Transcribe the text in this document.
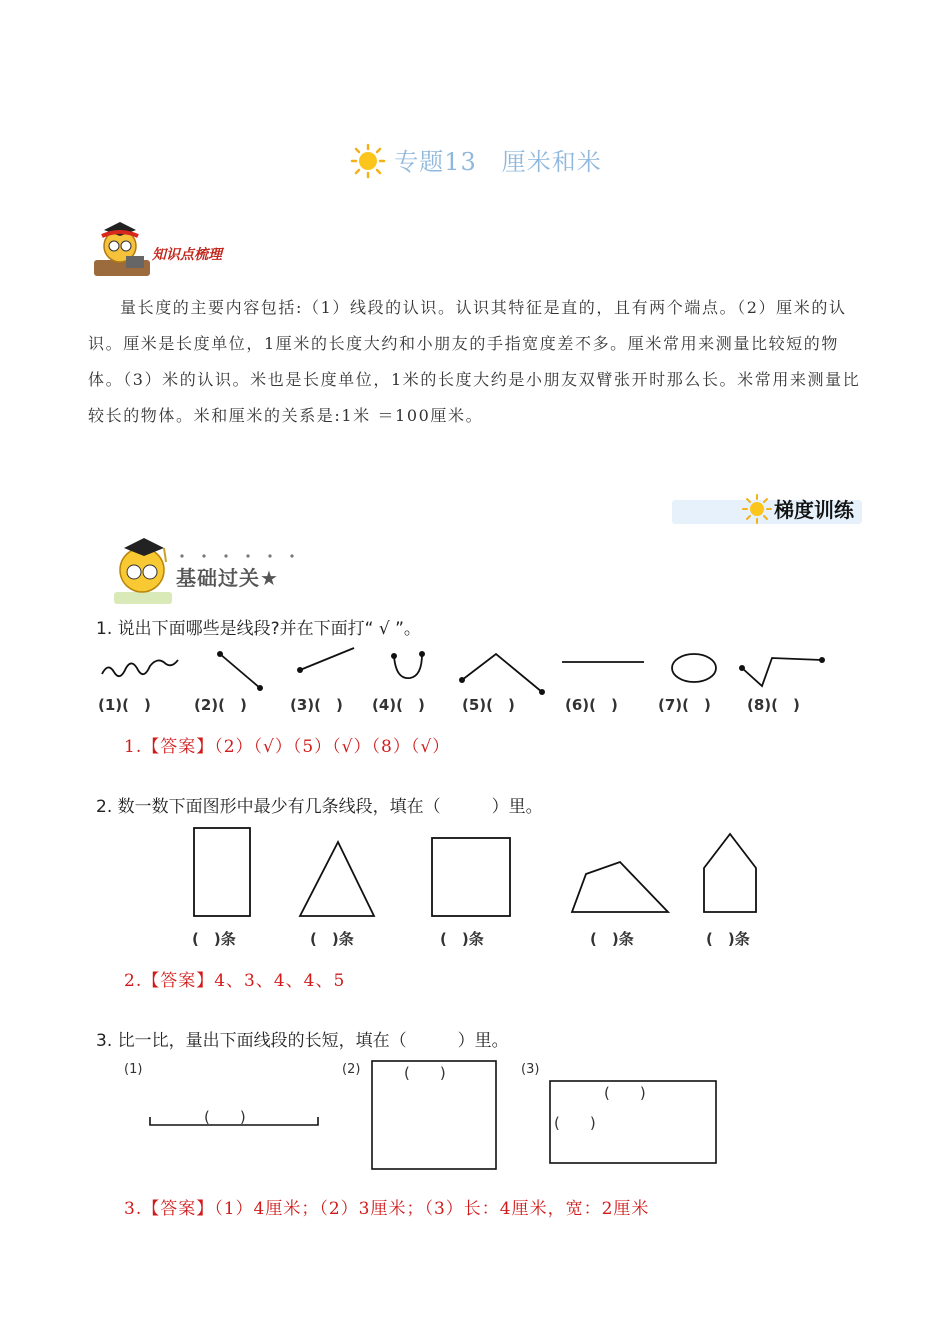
专题13　厘米和米
知识点梳理
量长度的主要内容包括:（1）线段的认识。认识其特征是直的，且有两个端点。（2）厘米的认识。厘米是长度单位，1厘米的长度大约和小朋友的手指宽度差不多。厘米常用来测量比较短的物体。（3）米的认识。米也是长度单位，1米的长度大约是小朋友双臂张开时那么长。米常用来测量比较长的物体。米和厘米的关系是:1米 ＝100厘米。
梯度训练
基础过关★
1. 说出下面哪些是线段?并在下面打“ √ ”。
(1)(　)	(2)(　)	(3)(　) (4)(　) (5)(　)	(6)(　)	(7)(　) (8)(　)
1.【答案】（2）（√）（5）（√）（8）（√）
2. 数一数下面图形中最少有几条线段，填在（　　　）里。
(　)条	(　)条	(　)条	(　)条	(　)条
2.【答案】4、3、4、4、5
3. 比一比，量出下面线段的长短，填在（　　　）里。
(1)	(2)	(3)
(　　)
(　　)
(　　)
(　　)
3.【答案】（1）4厘米；（2）3厘米；（3）长：4厘米，宽：2厘米
